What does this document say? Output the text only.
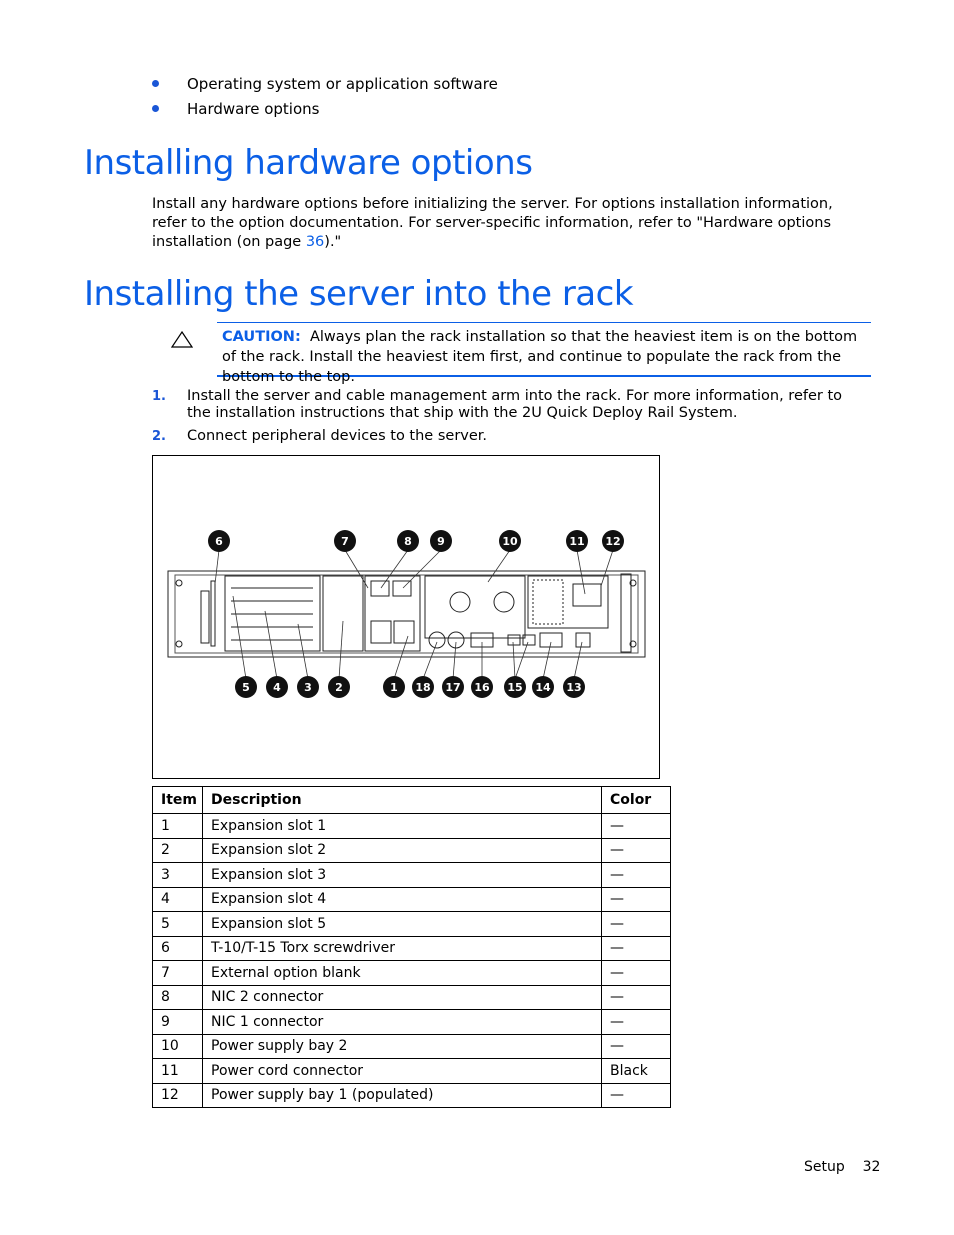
Operating system or application software
Hardware options
Installing hardware options
Install any hardware options before initializing the server. For options installation information, refer to the option documentation. For server-specific information, refer to "Hardware options installation (on page 36)."
Installing the server into the rack
CAUTION: Always plan the rack installation so that the heaviest item is on the bottom of the rack. Install the heaviest item first, and continue to populate the rack from the bottom to the top.
1. Install the server and cable management arm into the rack. For more information, refer to the installation instructions that ship with the 2U Quick Deploy Rail System.
2. Connect peripheral devices to the server.
6	7	8 9	10	11 12
5 4 3 2	1 18 17 16 15 14 13
Item	Description	Color
1	Expansion slot 1	—
2	Expansion slot 2	—
3	Expansion slot 3	—
4	Expansion slot 4	—
5	Expansion slot 5	—
6	T-10/T-15 Torx screwdriver	—
7	External option blank	—
8	NIC 2 connector	—
9	NIC 1 connector	—
10	Power supply bay 2	—
11	Power cord connector	Black
12	Power supply bay 1 (populated)	—
Setup 32
